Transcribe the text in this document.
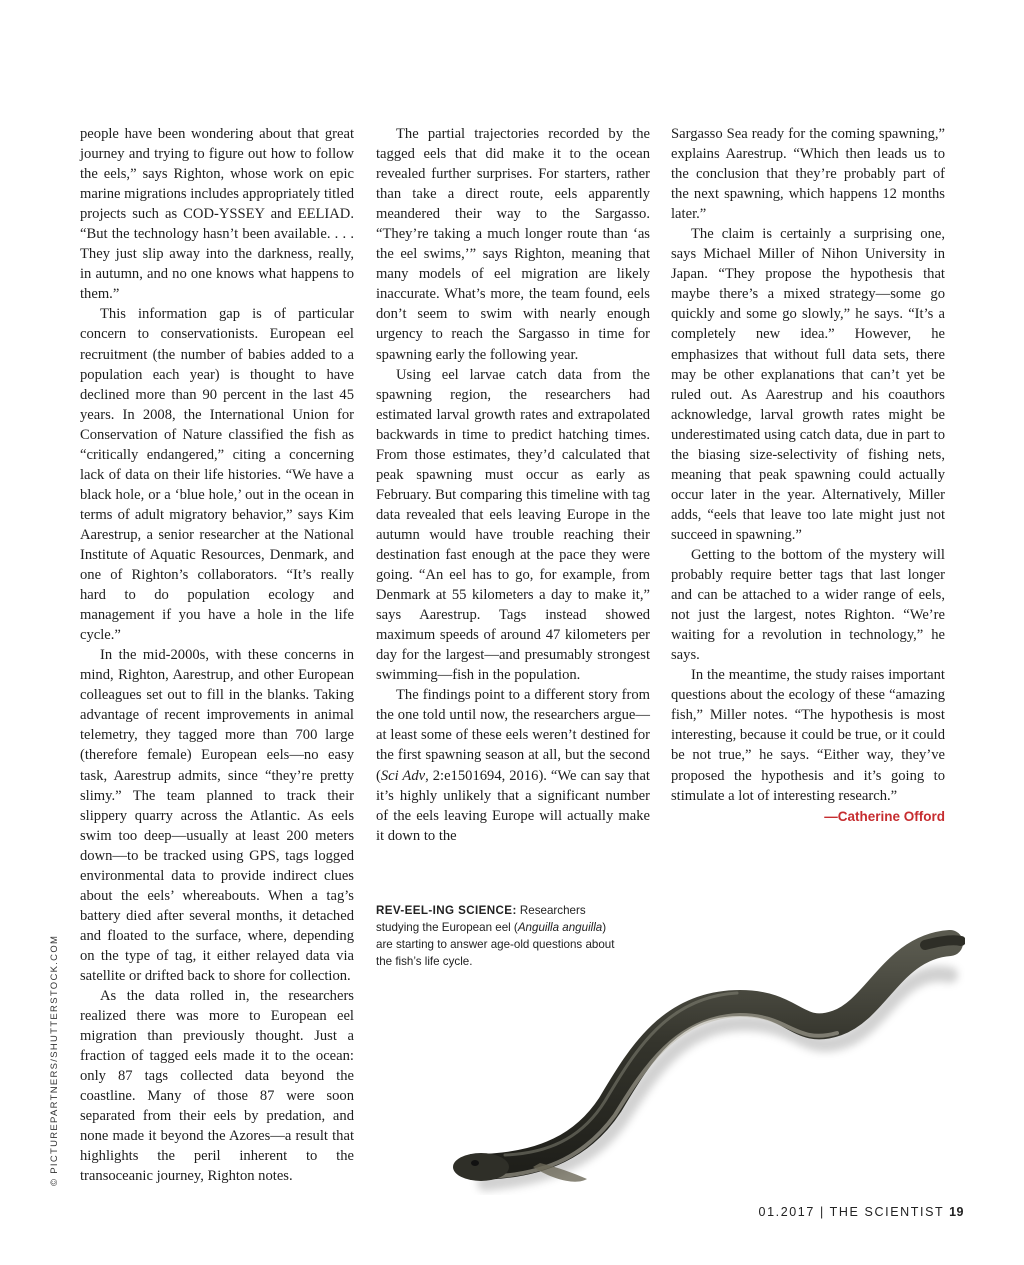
people have been wondering about that great journey and trying to figure out how to follow the eels,” says Righton, whose work on epic marine migrations includes appropriately titled projects such as COD-YSSEY and EELIAD. “But the technology hasn’t been available. . . . They just slip away into the darkness, really, in autumn, and no one knows what happens to them.”

This information gap is of particular concern to conservationists. European eel recruitment (the number of babies added to a population each year) is thought to have declined more than 90 percent in the last 45 years. In 2008, the International Union for Conservation of Nature classified the fish as “critically endangered,” citing a concerning lack of data on their life histories. “We have a black hole, or a ‘blue hole,’ out in the ocean in terms of adult migratory behavior,” says Kim Aarestrup, a senior researcher at the National Institute of Aquatic Resources, Denmark, and one of Righton’s collaborators. “It’s really hard to do population ecology and management if you have a hole in the life cycle.”

In the mid-2000s, with these concerns in mind, Righton, Aarestrup, and other European colleagues set out to fill in the blanks. Taking advantage of recent improvements in animal telemetry, they tagged more than 700 large (therefore female) European eels—no easy task, Aarestrup admits, since “they’re pretty slimy.” The team planned to track their slippery quarry across the Atlantic. As eels swim too deep—usually at least 200 meters down—to be tracked using GPS, tags logged environmental data to provide indirect clues about the eels’ whereabouts. When a tag’s battery died after several months, it detached and floated to the surface, where, depending on the type of tag, it either relayed data via satellite or drifted back to shore for collection.

As the data rolled in, the researchers realized there was more to European eel migration than previously thought. Just a fraction of tagged eels made it to the ocean: only 87 tags collected data beyond the coastline. Many of those 87 were soon separated from their eels by predation, and none made it beyond the Azores—a result that highlights the peril inherent to the transoceanic journey, Righton notes.

The partial trajectories recorded by the tagged eels that did make it to the ocean revealed further surprises. For starters, rather than take a direct route, eels apparently meandered their way to the Sargasso. “They’re taking a much longer route than ‘as the eel swims,’” says Righton, meaning that many models of eel migration are likely inaccurate. What’s more, the team found, eels don’t seem to swim with nearly enough urgency to reach the Sargasso in time for spawning early the following year.

Using eel larvae catch data from the spawning region, the researchers had estimated larval growth rates and extrapolated backwards in time to predict hatching times. From those estimates, they’d calculated that peak spawning must occur as early as February. But comparing this timeline with tag data revealed that eels leaving Europe in the autumn would have trouble reaching their destination fast enough at the pace they were going. “An eel has to go, for example, from Denmark at 55 kilometers a day to make it,” says Aarestrup. Tags instead showed maximum speeds of around 47 kilometers per day for the largest—and presumably strongest swimming—fish in the population.

The findings point to a different story from the one told until now, the researchers argue—at least some of these eels weren’t destined for the first spawning season at all, but the second (Sci Adv, 2:e1501694, 2016). “We can say that it’s highly unlikely that a significant number of the eels leaving Europe will actually make it down to the

Sargasso Sea ready for the coming spawning,” explains Aarestrup. “Which then leads us to the conclusion that they’re probably part of the next spawning, which happens 12 months later.”

The claim is certainly a surprising one, says Michael Miller of Nihon University in Japan. “They propose the hypothesis that maybe there’s a mixed strategy—some go quickly and some go slowly,” he says. “It’s a completely new idea.” However, he emphasizes that without full data sets, there may be other explanations that can’t yet be ruled out. As Aarestrup and his coauthors acknowledge, larval growth rates might be underestimated using catch data, due in part to the biasing size-selectivity of fishing nets, meaning that peak spawning could actually occur later in the year. Alternatively, Miller adds, “eels that leave too late might just not succeed in spawning.”

Getting to the bottom of the mystery will probably require better tags that last longer and can be attached to a wider range of eels, not just the largest, notes Righton. “We’re waiting for a revolution in technology,” he says.

In the meantime, the study raises important questions about the ecology of these “amazing fish,” Miller notes. “The hypothesis is most interesting, because it could be true, or it could be not true,” he says. “Either way, they’ve proposed the hypothesis and it’s going to stimulate a lot of interesting research.”

—Catherine Offord
REV-EEL-ING SCIENCE: Researchers studying the European eel (Anguilla anguilla) are starting to answer age-old questions about the fish’s life cycle.
© PICTUREPARTNERS/SHUTTERSTOCK.COM
01.2017 | THE SCIENTIST 19
